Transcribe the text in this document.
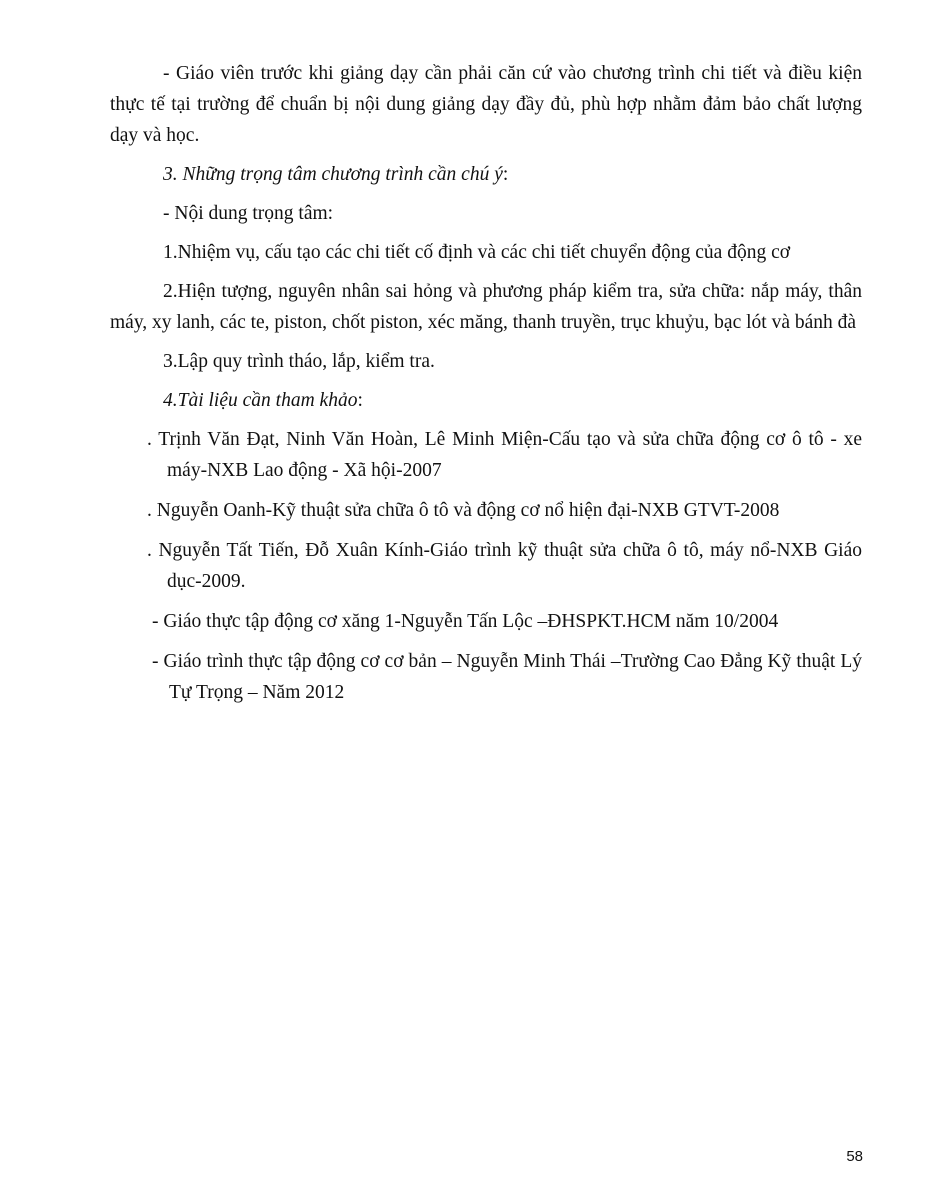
- Giáo viên trước khi giảng dạy cần phải căn cứ vào chương trình chi tiết và điều kiện thực tế tại trường để chuẩn bị nội dung giảng dạy đầy đủ, phù hợp nhằm đảm bảo chất lượng dạy và học.

3. Những trọng tâm chương trình cần chú ý:

- Nội dung trọng tâm:

1.Nhiệm vụ, cấu tạo các chi tiết cố định và các chi tiết chuyển động của động cơ

2.Hiện tượng, nguyên nhân sai hỏng và phương pháp kiểm tra, sửa chữa: nắp máy, thân máy, xy lanh, các te, piston, chốt piston, xéc măng, thanh truyền, trục khuỷu, bạc lót và bánh đà

3.Lập quy trình tháo, lắp, kiểm tra.

4.Tài liệu cần tham khảo:

. Trịnh Văn Đạt, Ninh Văn Hoàn, Lê Minh Miện-Cấu tạo và sửa chữa động cơ ô tô - xe máy-NXB Lao động - Xã hội-2007

. Nguyễn Oanh-Kỹ thuật sửa chữa ô tô và động cơ nổ hiện đại-NXB GTVT-2008

. Nguyễn Tất Tiến, Đỗ Xuân Kính-Giáo trình kỹ thuật sửa chữa ô tô, máy nổ-NXB Giáo dục-2009.

- Giáo thực tập động cơ xăng 1-Nguyễn Tấn Lộc –ĐHSPKT.HCM năm 10/2004

- Giáo trình thực tập động cơ cơ bản – Nguyễn Minh Thái –Trường Cao Đẳng Kỹ thuật Lý Tự Trọng – Năm 2012

58
